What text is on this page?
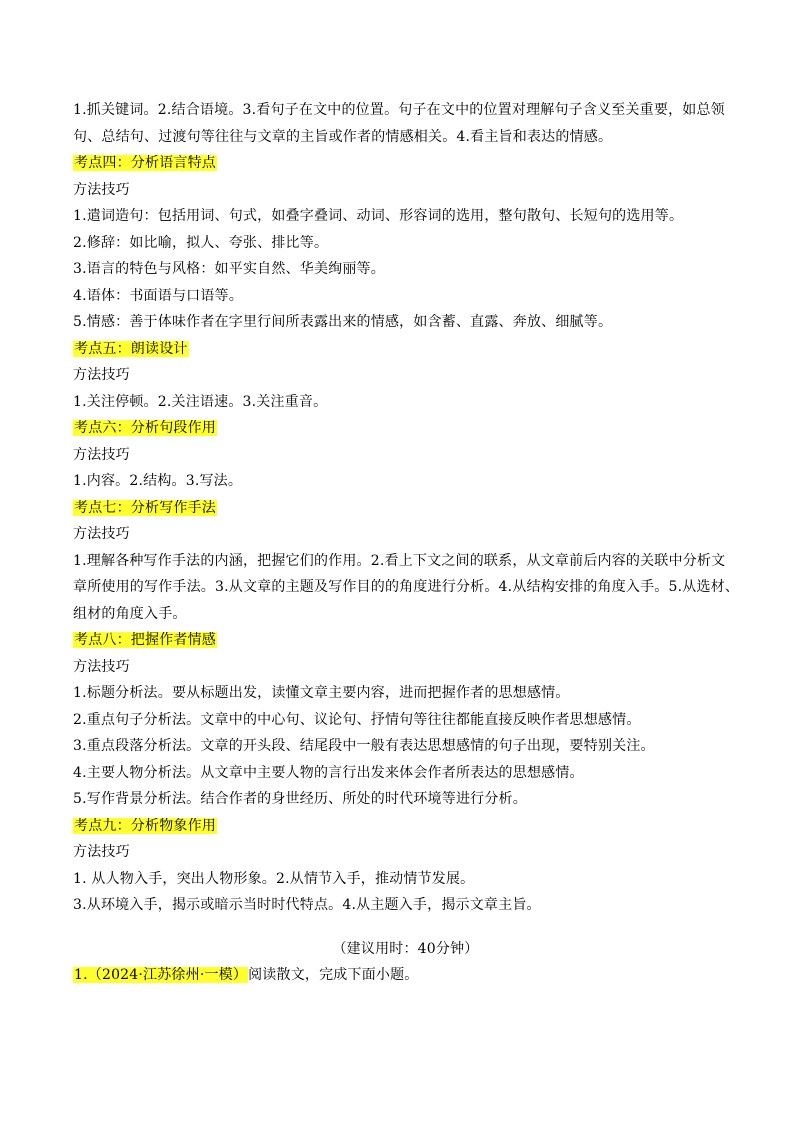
1.抓关键词。2.结合语境。3.看句子在文中的位置。句子在文中的位置对理解句子含义至关重要，如总领

句、总结句、过渡句等往往与文章的主旨或作者的情感相关。4.看主旨和表达的情感。

考点四：分析语言特点

方法技巧

1.遣词造句：包括用词、句式，如叠字叠词、动词、形容词的选用，整句散句、长短句的选用等。

2.修辞：如比喻，拟人、夸张、排比等。

3.语言的特色与风格：如平实自然、华美绚丽等。

4.语体：书面语与口语等。

5.情感：善于体味作者在字里行间所表露出来的情感，如含蓄、直露、奔放、细腻等。

考点五：朗读设计

方法技巧

1.关注停顿。2.关注语速。3.关注重音。

考点六：分析句段作用

方法技巧

1.内容。2.结构。3.写法。

考点七：分析写作手法

方法技巧

1.理解各种写作手法的内涵，把握它们的作用。2.看上下文之间的联系，从文章前后内容的关联中分析文

章所使用的写作手法。3.从文章的主题及写作目的的角度进行分析。4.从结构安排的角度入手。5.从选材、

组材的角度入手。

考点八：把握作者情感

方法技巧

1.标题分析法。要从标题出发，读懂文章主要内容，进而把握作者的思想感情。

2.重点句子分析法。文章中的中心句、议论句、抒情句等往往都能直接反映作者思想感情。

3.重点段落分析法。文章的开头段、结尾段中一般有表达思想感情的句子出现，要特别关注。

4.主要人物分析法。从文章中主要人物的言行出发来体会作者所表达的思想感情。

5.写作背景分析法。结合作者的身世经历、所处的时代环境等进行分析。

考点九：分析物象作用

方法技巧

1. 从人物入手，突出人物形象。2.从情节入手，推动情节发展。

3.从环境入手，揭示或暗示当时时代特点。4.从主题入手，揭示文章主旨。

（建议用时：40分钟）

1.（2024·江苏徐州·一模）阅读散文，完成下面小题。
